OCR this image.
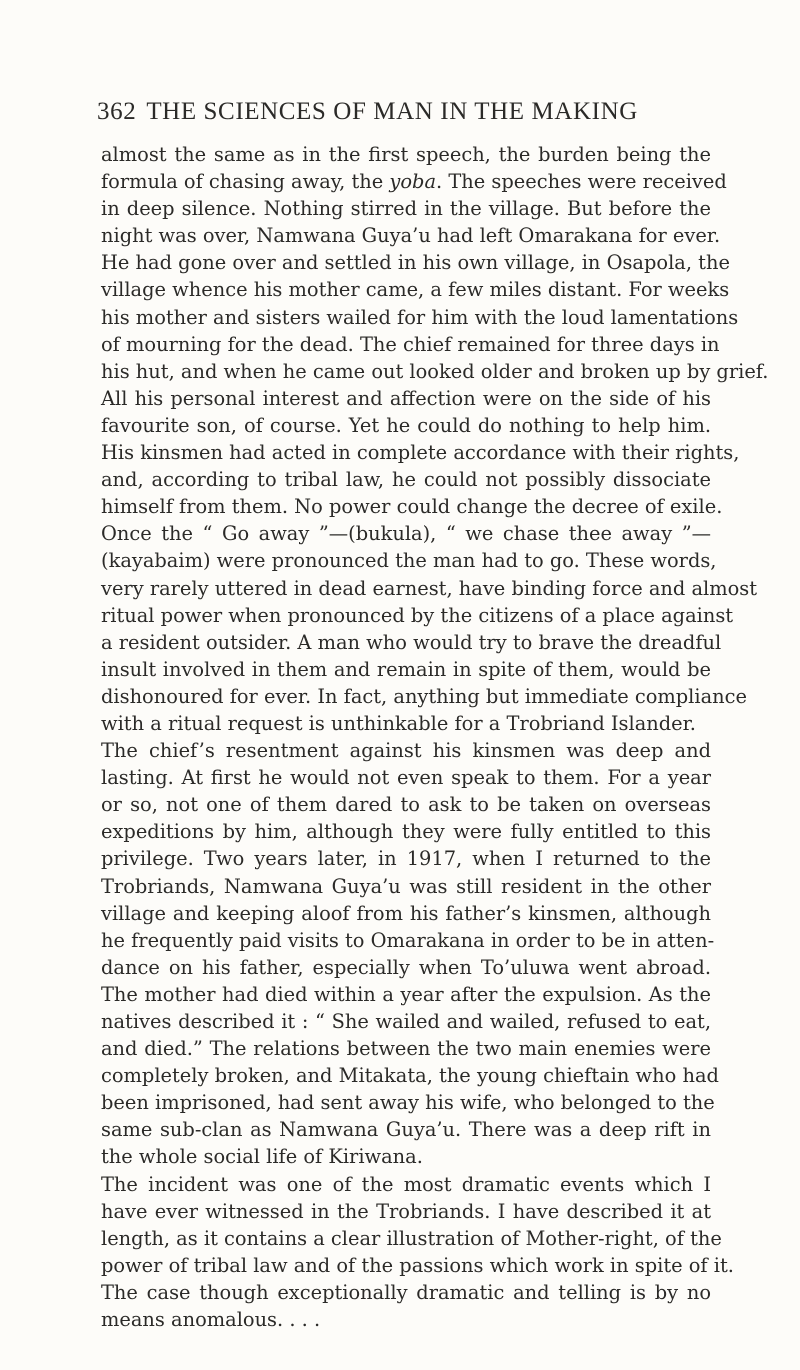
362 THE SCIENCES OF MAN IN THE MAKING
almost the same as in the first speech, the burden being the
formula of chasing away, the yoba. The speeches were received
in deep silence. Nothing stirred in the village. But before the
night was over, Namwana Guya’u had left Omarakana for ever.
He had gone over and settled in his own village, in Osapola, the
village whence his mother came, a few miles distant. For weeks
his mother and sisters wailed for him with the loud lamentations
of mourning for the dead. The chief remained for three days in
his hut, and when he came out looked older and broken up by grief.
All his personal interest and affection were on the side of his
favourite son, of course. Yet he could do nothing to help him.
His kinsmen had acted in complete accordance with their rights,
and, according to tribal law, he could not possibly dissociate
himself from them. No power could change the decree of exile.
Once the “ Go away ”—(bukula), “ we chase thee away ”—
(kayabaim) were pronounced the man had to go. These words,
very rarely uttered in dead earnest, have binding force and almost
ritual power when pronounced by the citizens of a place against
a resident outsider. A man who would try to brave the dreadful
insult involved in them and remain in spite of them, would be
dishonoured for ever. In fact, anything but immediate compliance
with a ritual request is unthinkable for a Trobriand Islander.
The chief’s resentment against his kinsmen was deep and
lasting. At first he would not even speak to them. For a year
or so, not one of them dared to ask to be taken on overseas
expeditions by him, although they were fully entitled to this
privilege. Two years later, in 1917, when I returned to the
Trobriands, Namwana Guya’u was still resident in the other
village and keeping aloof from his father’s kinsmen, although
he frequently paid visits to Omarakana in order to be in atten-
dance on his father, especially when To’uluwa went abroad.
The mother had died within a year after the expulsion. As the
natives described it : “ She wailed and wailed, refused to eat,
and died.” The relations between the two main enemies were
completely broken, and Mitakata, the young chieftain who had
been imprisoned, had sent away his wife, who belonged to the
same sub-clan as Namwana Guya’u. There was a deep rift in
the whole social life of Kiriwana.
The incident was one of the most dramatic events which I
have ever witnessed in the Trobriands. I have described it at
length, as it contains a clear illustration of Mother-right, of the
power of tribal law and of the passions which work in spite of it.
The case though exceptionally dramatic and telling is by no
means anomalous. . . .
